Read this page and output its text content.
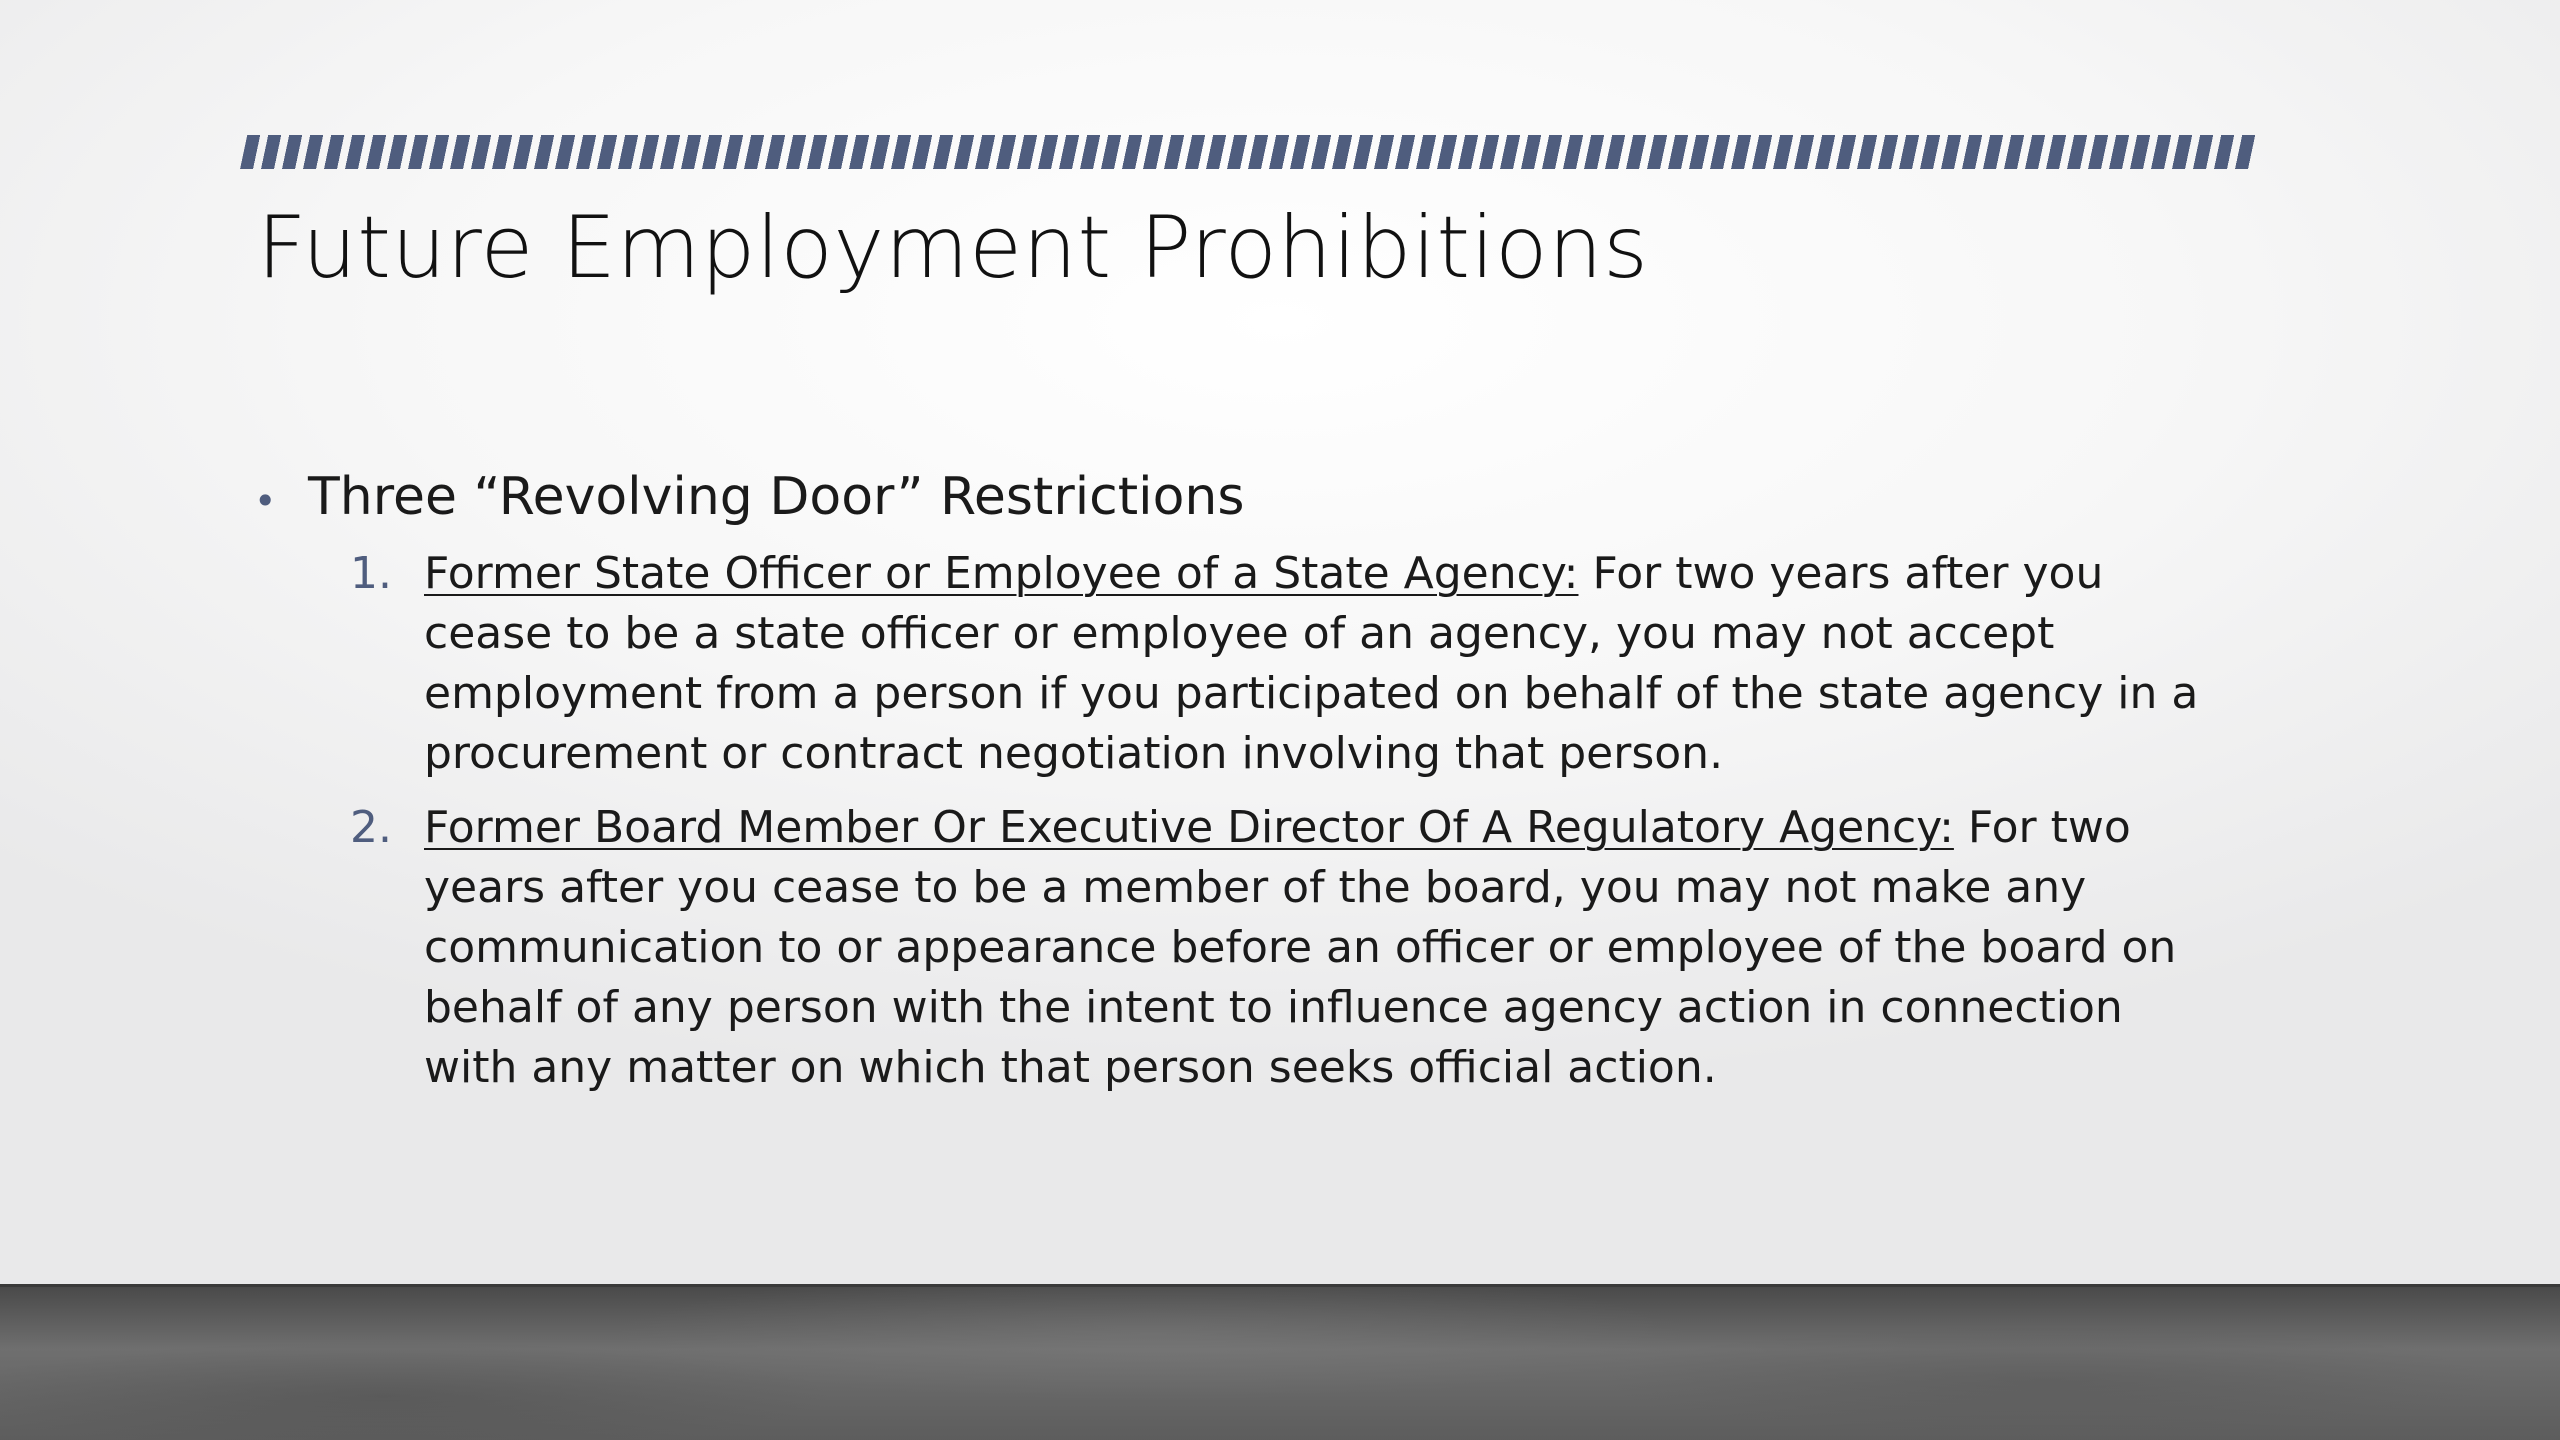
Future Employment Prohibitions
• Three “Revolving Door” Restrictions
1. Former State Officer or Employee of a State Agency: For two years after you cease to be a state officer or employee of an agency, you may not accept employment from a person if you participated on behalf of the state agency in a procurement or contract negotiation involving that person.
2. Former Board Member Or Executive Director Of A Regulatory Agency: For two years after you cease to be a member of the board, you may not make any communication to or appearance before an officer or employee of the board on behalf of any person with the intent to influence agency action in connection with any matter on which that person seeks official action.
